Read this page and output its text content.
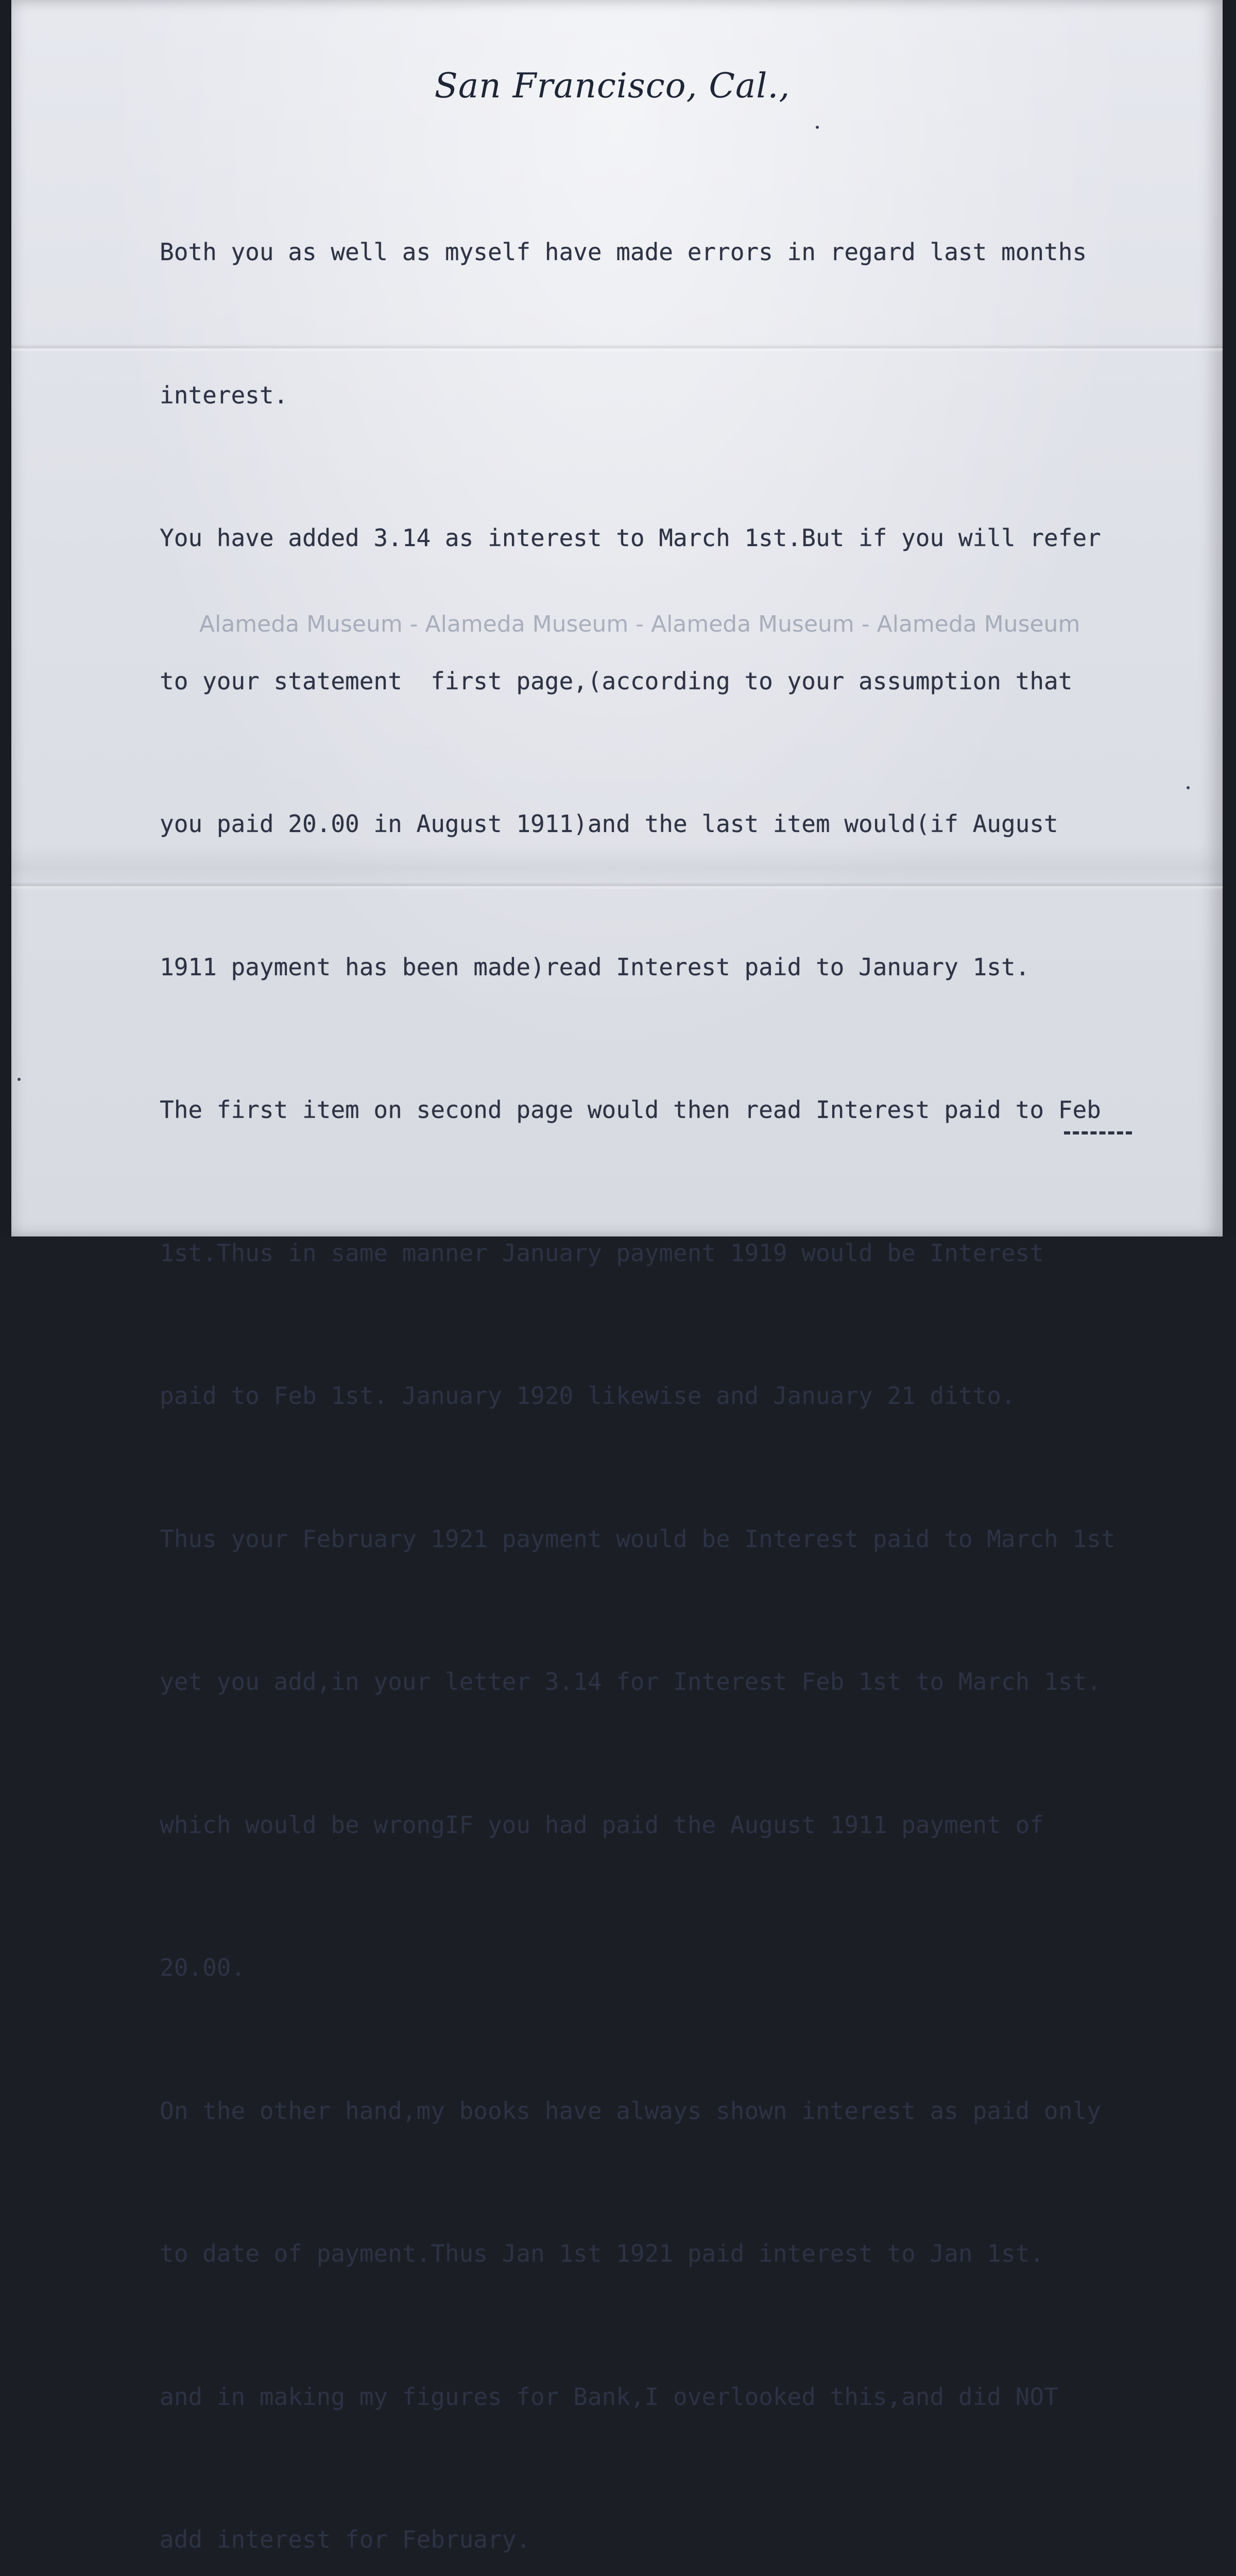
San Francisco, Cal.,

Both you as well as myself have made errors in regard last months

interest.

You have added 3.14 as interest to March 1st.But if you will refer

to your statement  first page,(according to your assumption that

you paid 20.00 in August 1911)and the last item would(if August

1911 payment has been made)read Interest paid to January 1st.

The first item on second page would then read Interest paid to Feb

1st.Thus in same manner January payment 1919 would be Interest

paid to Feb 1st. January 1920 likewise and January 21 ditto.

Thus your February 1921 payment would be Interest paid to March 1st

yet you add,in your letter 3.14 for Interest Feb 1st to March 1st.

which would be wrongIF you had paid the August 1911 payment of

20.00.

On the other hand,my books have always shown interest as paid only

to date of payment.Thus Jan 1st 1921 paid interest to Jan 1st.

and in making my figures for Bank,I overlooked this,and did NOT

add interest for February.

Alameda Museum - Alameda Museum - Alameda Museum - Alameda Museum
